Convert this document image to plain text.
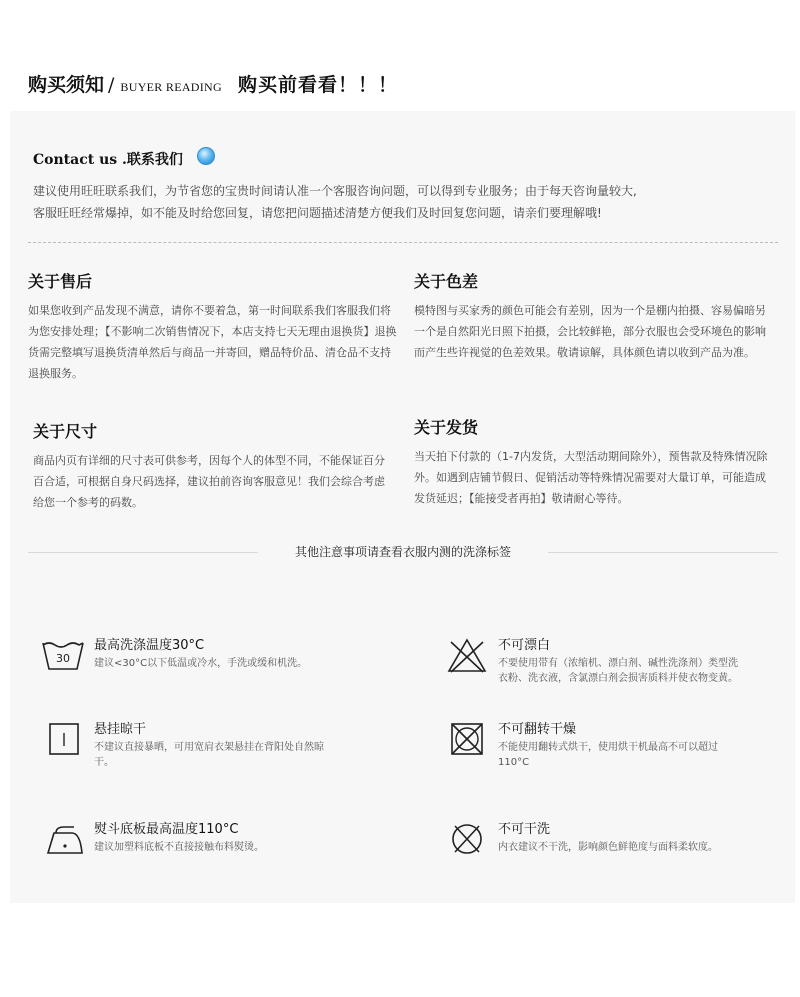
购买须知 / BUYER READING 购买前看看！！！
Contact us .联系我们
建议使用旺旺联系我们，为节省您的宝贵时间请认准一个客服咨询问题，可以得到专业服务；由于每天咨询量较大,
客服旺旺经常爆掉，如不能及时给您回复，请您把问题描述清楚方便我们及时回复您问题，请亲们要理解哦!
关于售后
如果您收到产品发现不满意，请你不要着急，第一时间联系我们客服我们将为您安排处理；【不影响二次销售情况下，本店支持七天无理由退换货】退换货需完整填写退换货清单然后与商品一并寄回，赠品特价品、清仓品不支持退换服务。
关于色差
模特图与买家秀的颜色可能会有差别，因为一个是棚内拍摄、容易偏暗另一个是自然阳光日照下拍摄，会比较鲜艳，部分衣服也会受环境色的影响而产生些许视觉的色差效果。敬请谅解，具体颜色请以收到产品为准。
关于尺寸
商品内页有详细的尺寸表可供参考，因每个人的体型不同，不能保证百分百合适，可根据自身尺码选择，建议拍前咨询客服意见！我们会综合考虑给您一个参考的码数。
关于发货
当天拍下付款的（1-7内发货，大型活动期间除外），预售款及特殊情况除外。如遇到店铺节假日、促销活动等特殊情况需要对大量订单，可能造成发货延迟；【能接受者再拍】敬请耐心等待。
其他注意事项请查看衣服内测的洗涤标签
30
最高洗涤温度30°C
建议<30°C以下低温或冷水，手洗或缓和机洗。
不可漂白
不要使用带有（浓缩机、漂白剂、碱性洗涤剂）类型洗衣粉、洗衣液，含氯漂白剂会损害质料并使衣物变黄。
悬挂晾干
不建议直接暴晒，可用宽肩衣架悬挂在背阳处自然晾干。
不可翻转干燥
不能使用翻转式烘干，使用烘干机最高不可以超过110°C
熨斗底板最高温度110°C
建议加塑料底板不直接接触布料熨烫。
不可干洗
内衣建议不干洗，影响颜色鲜艳度与面料柔软度。
